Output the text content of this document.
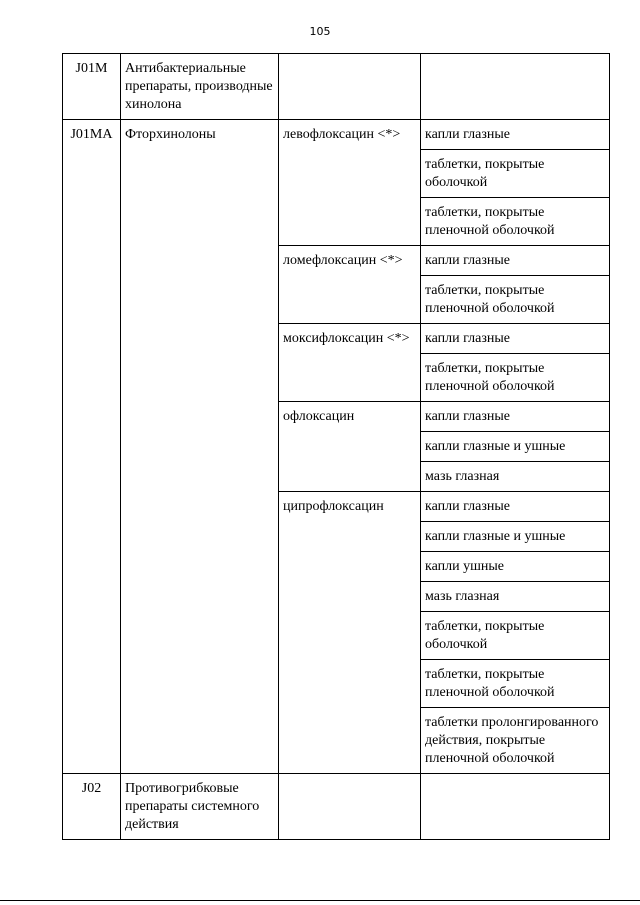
105
J01M	Антибактериальные препараты, производные хинолона		
J01MA	Фторхинолоны	левофлоксацин <*>	капли глазные
			таблетки, покрытые оболочкой
			таблетки, покрытые пленочной оболочкой
		ломефлоксацин <*>	капли глазные
			таблетки, покрытые пленочной оболочкой
		моксифлоксацин <*>	капли глазные
			таблетки, покрытые пленочной оболочкой
		офлоксацин	капли глазные
			капли глазные и ушные
			мазь глазная
		ципрофлоксацин	капли глазные
			капли глазные и ушные
			капли ушные
			мазь глазная
			таблетки, покрытые оболочкой
			таблетки, покрытые пленочной оболочкой
			таблетки пролонгированного действия, покрытые пленочной оболочкой
J02	Противогрибковые препараты системного действия		
